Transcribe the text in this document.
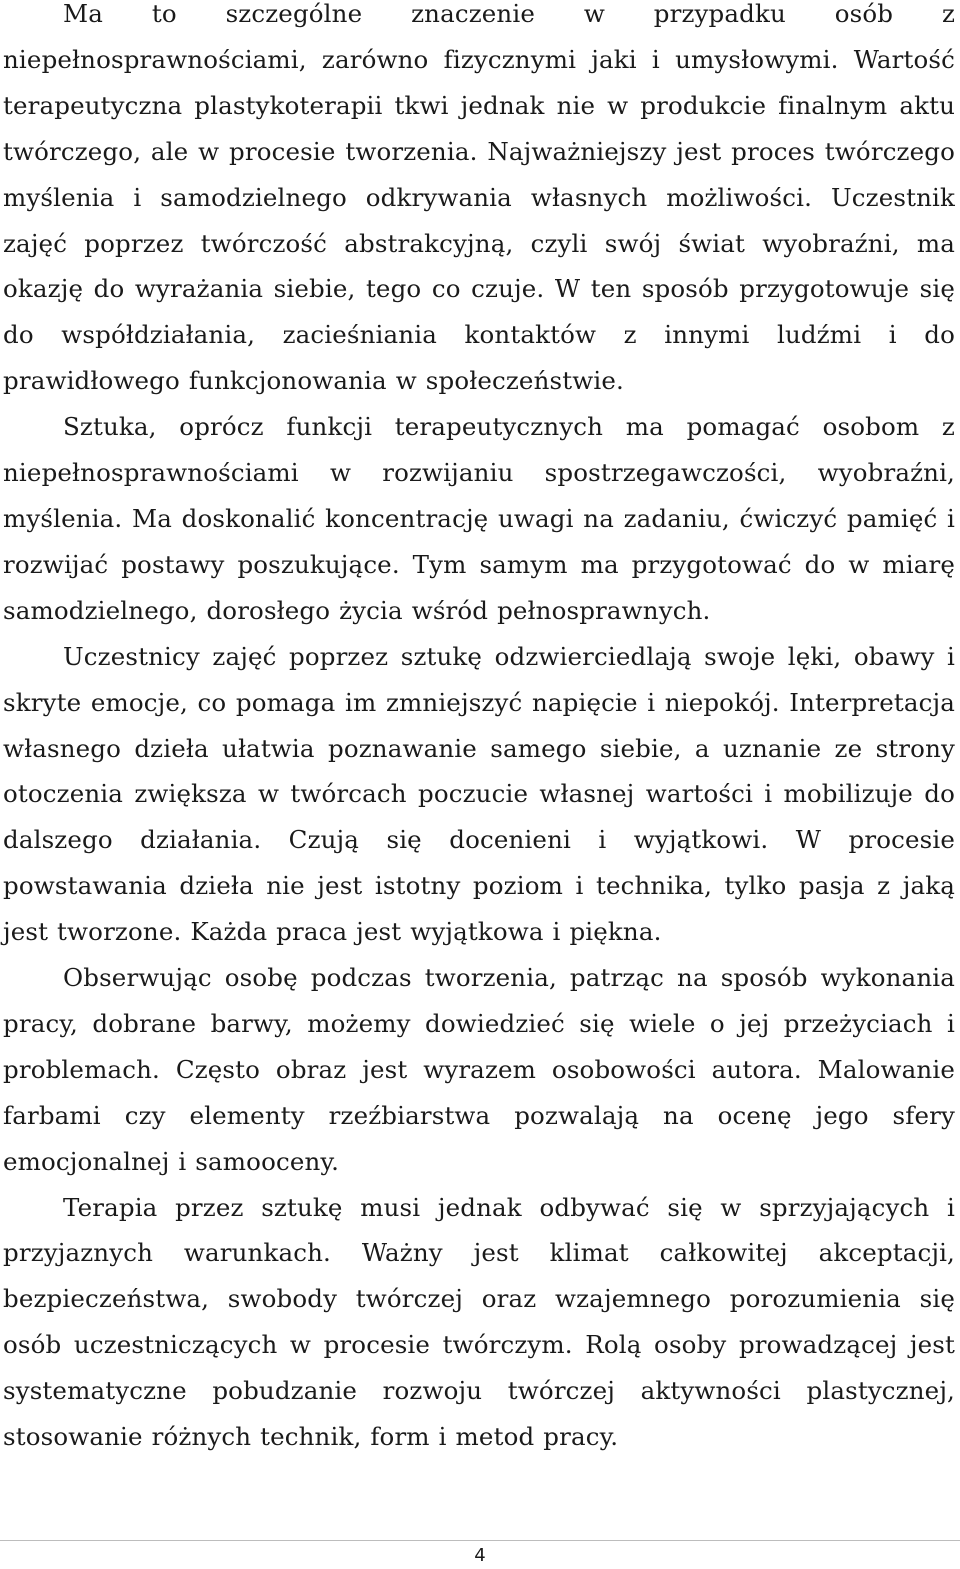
Ma to szczególne znaczenie w przypadku osób z niepełnosprawnościami, zarówno fizycznymi jaki i umysłowymi. Wartość terapeutyczna plastykoterapii tkwi jednak nie w produkcie finalnym aktu twórczego, ale w procesie tworzenia. Najważniejszy jest proces twórczego myślenia i samodzielnego odkrywania własnych możliwości. Uczestnik zajęć poprzez twórczość abstrakcyjną, czyli swój świat wyobraźni, ma okazję do wyrażania siebie, tego co czuje. W ten sposób przygotowuje się do współdziałania, zacieśniania kontaktów z innymi ludźmi i do prawidłowego funkcjonowania w społeczeństwie.

Sztuka, oprócz funkcji terapeutycznych ma pomagać osobom z niepełnosprawnościami w rozwijaniu spostrzegawczości, wyobraźni, myślenia. Ma doskonalić koncentrację uwagi na zadaniu, ćwiczyć pamięć i rozwijać postawy poszukujące. Tym samym ma przygotować do w miarę samodzielnego, dorosłego życia wśród pełnosprawnych.

Uczestnicy zajęć poprzez sztukę odzwierciedlają swoje lęki, obawy i skryte emocje, co pomaga im zmniejszyć napięcie i niepokój. Interpretacja własnego dzieła ułatwia poznawanie samego siebie, a uznanie ze strony otoczenia zwiększa w twórcach poczucie własnej wartości i mobilizuje do dalszego działania. Czują się docenieni i wyjątkowi. W procesie powstawania dzieła nie jest istotny poziom i technika, tylko pasja z jaką jest tworzone. Każda praca jest wyjątkowa i piękna.

Obserwując osobę podczas tworzenia, patrząc na sposób wykonania pracy, dobrane barwy, możemy dowiedzieć się wiele o jej przeżyciach i problemach. Często obraz jest wyrazem osobowości autora. Malowanie farbami czy elementy rzeźbiarstwa pozwalają na ocenę jego sfery emocjonalnej i samooceny.

Terapia przez sztukę musi jednak odbywać się w sprzyjających i przyjaznych warunkach. Ważny jest klimat całkowitej akceptacji, bezpieczeństwa, swobody twórczej oraz wzajemnego porozumienia się osób uczestniczących w procesie twórczym. Rolą osoby prowadzącej jest systematyczne pobudzanie rozwoju twórczej aktywności plastycznej, stosowanie różnych technik, form i metod pracy.

4
